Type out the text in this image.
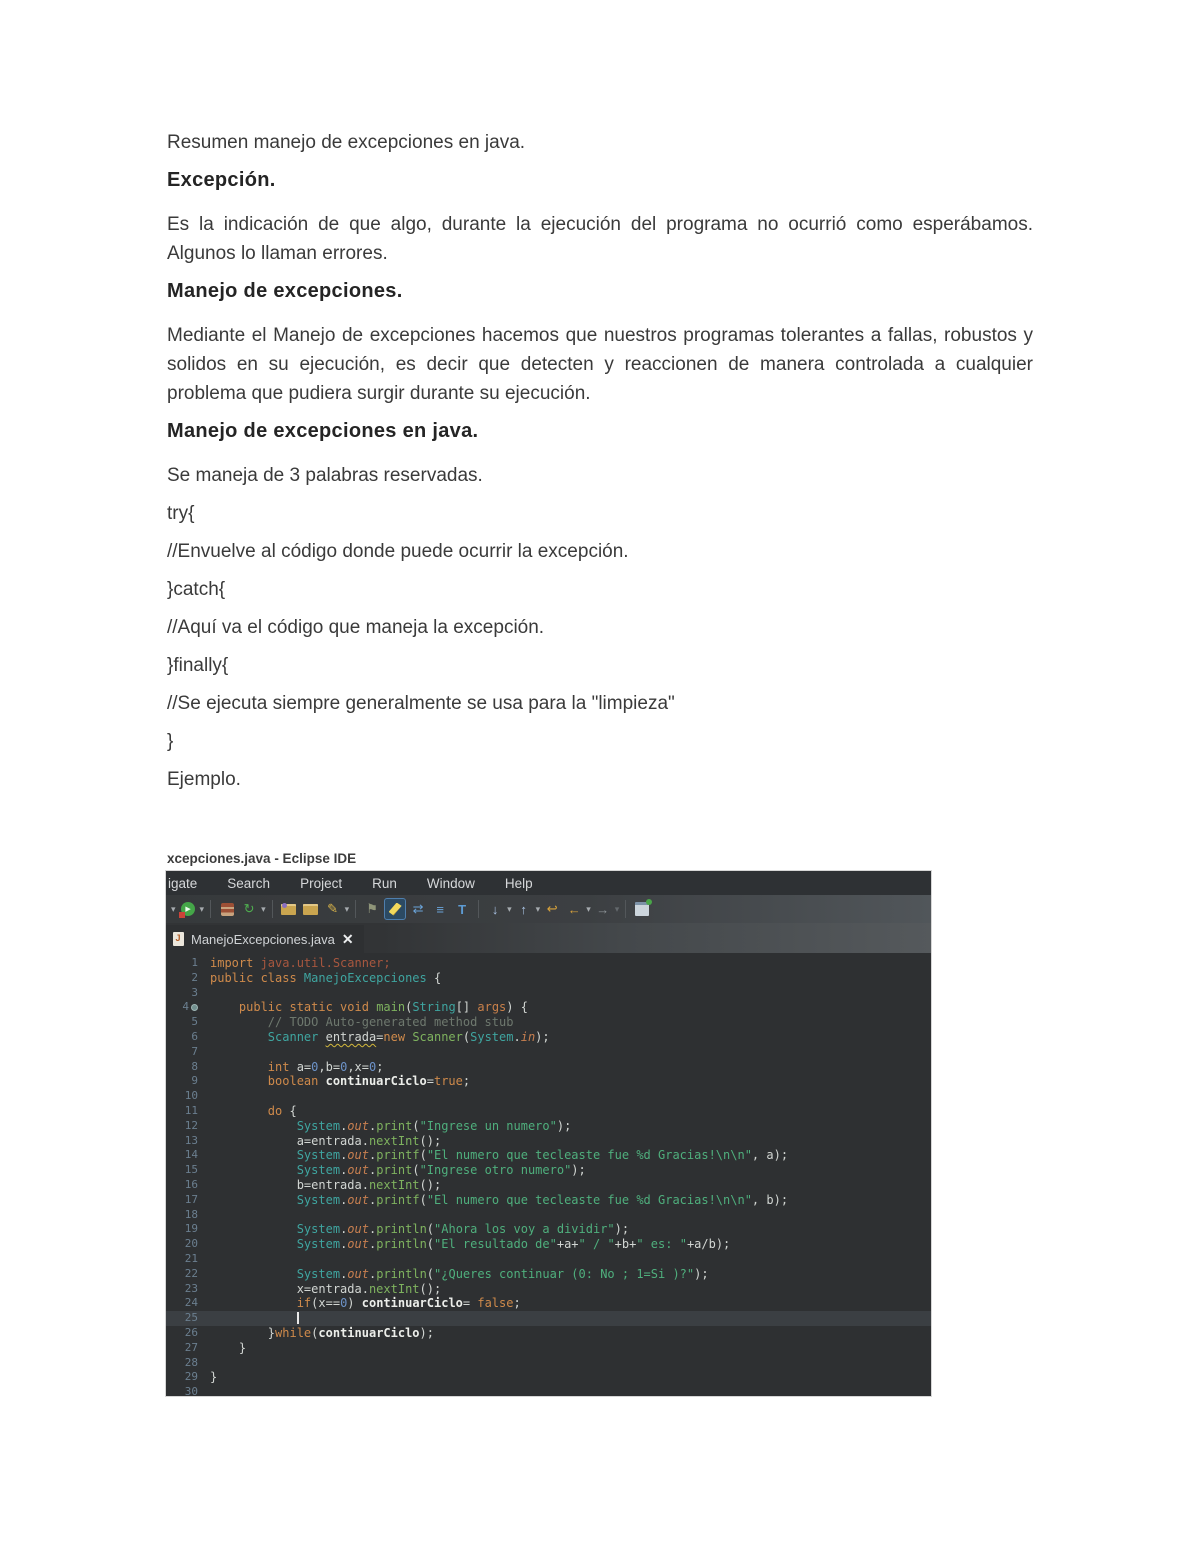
Resumen manejo de excepciones en java.

Excepción.

Es la indicación de que algo, durante la ejecución del programa no ocurrió como esperábamos. Algunos lo llaman errores.

Manejo de excepciones.

Mediante el Manejo de excepciones hacemos que nuestros programas tolerantes a fallas, robustos y solidos en su ejecución, es decir que detecten y reaccionen de manera controlada a cualquier problema que pudiera surgir durante su ejecución.

Manejo de excepciones en java.

Se maneja de 3 palabras reservadas.

try{

//Envuelve al código donde puede ocurrir la excepción.

}catch{

//Aquí va el código que maneja la excepción.

}finally{

//Se ejecuta siempre generalmente se usa para la "limpieza"

}

Ejemplo.

xcepciones.java - Eclipse IDE
igate Search Project Run Window Help
▾ ▶	▾	↻ ▾	✎ ▾	⚑	⇄ ≡	T	↓ ▾ ↑ ▾ ↩ ← ▾ → ▾
J
ManejoExcepciones.java ✕
1	import java.util.Scanner;
2	public class ManejoExcepciones {
3
4	public static void main(String[] args) {
5	// TODO Auto-generated method stub
6	Scanner entrada=new Scanner(System.in);
7
8	int a=0,b=0,x=0;
9	boolean continuarCiclo=true;
10
11	do {
12	System.out.print("Ingrese un numero");
13	a=entrada.nextInt();
14	System.out.printf("El numero que tecleaste fue %d Gracias!\n\n", a);
15	System.out.print("Ingrese otro numero");
16	b=entrada.nextInt();
17	System.out.printf("El numero que tecleaste fue %d Gracias!\n\n", b);
18
19	System.out.println("Ahora los voy a dividir");
20	System.out.println("El resultado de"+a+" / "+b+" es: "+a/b);
21
22	System.out.println("¿Queres continuar (0: No ; 1=Si )?");
23	x=entrada.nextInt();
24	if(x==0) continuarCiclo= false;
25

26	}while(continuarCiclo);
27	}
28
29	}
30
